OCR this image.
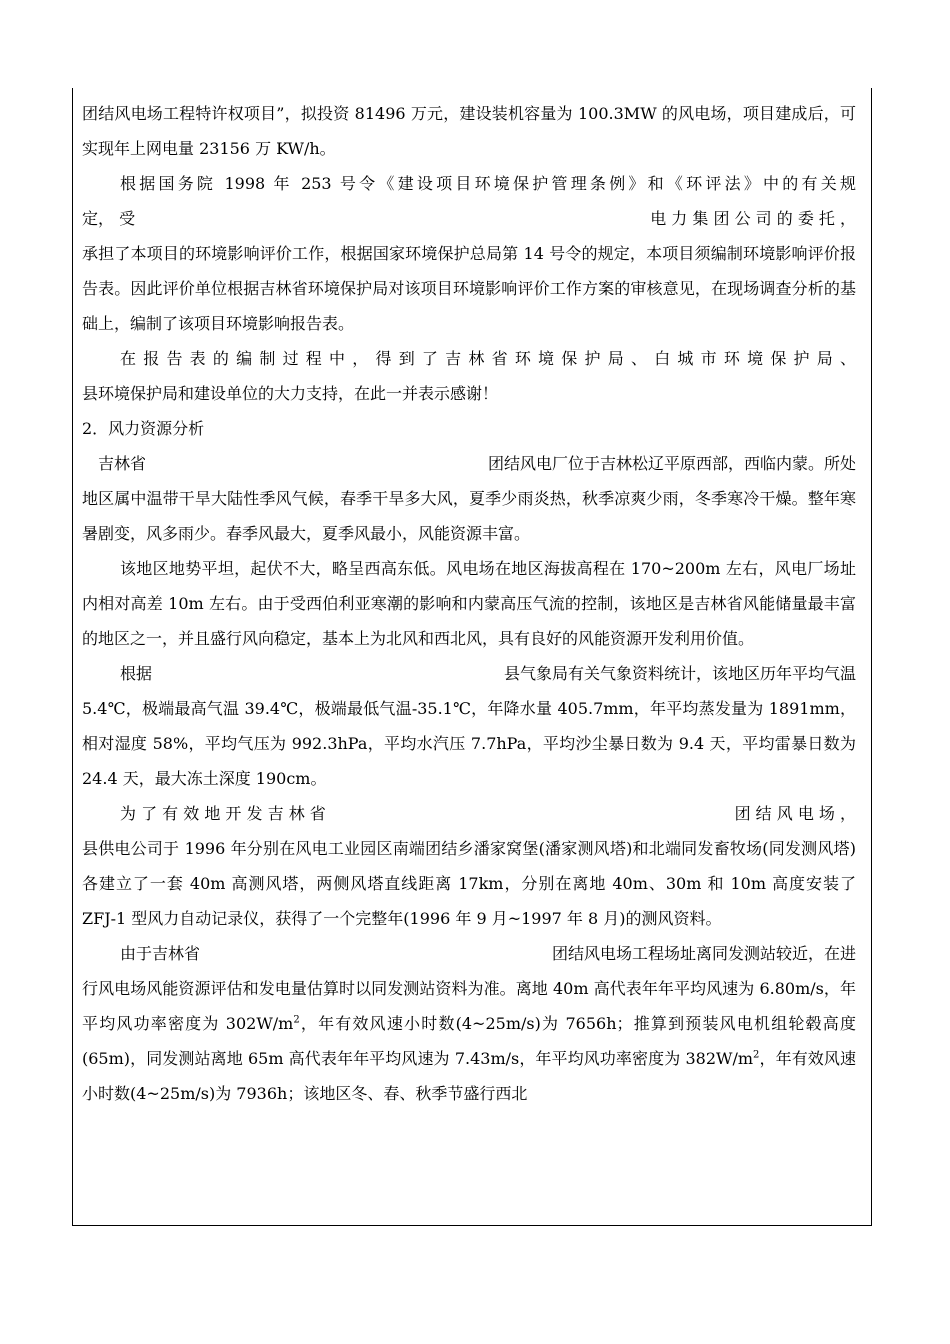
团结风电场工程特许权项目”，拟投资 81496 万元，建设装机容量为 100.3MW 的风电场，项目建成后，可实现年上网电量 23156 万 KW/h。

根据国务院 1998 年 253 号令《建设项目环境保护管理条例》和《环评法》中的有关规

定， 受	电 力 集 团 公 司 的 委 托 ，

承担了本项目的环境影响评价工作，根据国家环境保护总局第 14 号令的规定，本项目须编制环境影响评价报告表。因此评价单位根据吉林省环境保护局对该项目环境影响评价工作方案的审核意见，在现场调查分析的基础上，编制了该项目环境影响报告表。

在 报 告 表 的 编 制 过 程 中 ， 得 到 了 吉 林 省 环 境 保 护 局 、 白 城 市 环 境 保 护 局 、

县环境保护局和建设单位的大力支持，在此一并表示感谢！

2．风力资源分析

吉林省	团结风电厂位于吉林松辽平原西部，西临内蒙。所处

地区属中温带干旱大陆性季风气候，春季干旱多大风，夏季少雨炎热，秋季凉爽少雨，冬季寒冷干燥。整年寒暑剧变，风多雨少。春季风最大，夏季风最小，风能资源丰富。

该地区地势平坦，起伏不大，略呈西高东低。风电场在地区海拔高程在 170~200m 左右，风电厂场址内相对高差 10m 左右。由于受西伯利亚寒潮的影响和内蒙高压气流的控制，该地区是吉林省风能储量最丰富的地区之一，并且盛行风向稳定，基本上为北风和西北风，具有良好的风能资源开发利用价值。

根据	县气象局有关气象资料统计，该地区历年平均气温

5.4℃，极端最高气温 39.4℃，极端最低气温-35.1℃，年降水量 405.7mm，年平均蒸发量为 1891mm，相对湿度 58%，平均气压为 992.3hPa，平均水汽压 7.7hPa，平均沙尘暴日数为 9.4 天，平均雷暴日数为 24.4 天，最大冻土深度 190cm。

为 了 有 效 地 开 发 吉 林 省	团 结 风 电 场 ，

县供电公司于 1996 年分别在风电工业园区南端团结乡潘家窝堡(潘家测风塔)和北端同发畜牧场(同发测风塔)各建立了一套 40m 高测风塔，两侧风塔直线距离 17km，分别在离地 40m、30m 和 10m 高度安装了 ZFJ-1 型风力自动记录仪，获得了一个完整年(1996 年 9 月~1997 年 8 月)的测风资料。

由于吉林省	团结风电场工程场址离同发测站较近，在进

行风电场风能资源评估和发电量估算时以同发测站资料为准。离地 40m 高代表年年平均风速为 6.80m/s，年平均风功率密度为 $302W/m^2$，年有效风速小时数(4~25m/s)为 7656h；推算到预装风电机组轮毂高度(65m)，同发测站离地 65m 高代表年年平均风速为 7.43m/s，年平均风功率密度为 $382W/m^2$，年有效风速小时数(4~25m/s)为 7936h；该地区冬、春、秋季节盛行西北
